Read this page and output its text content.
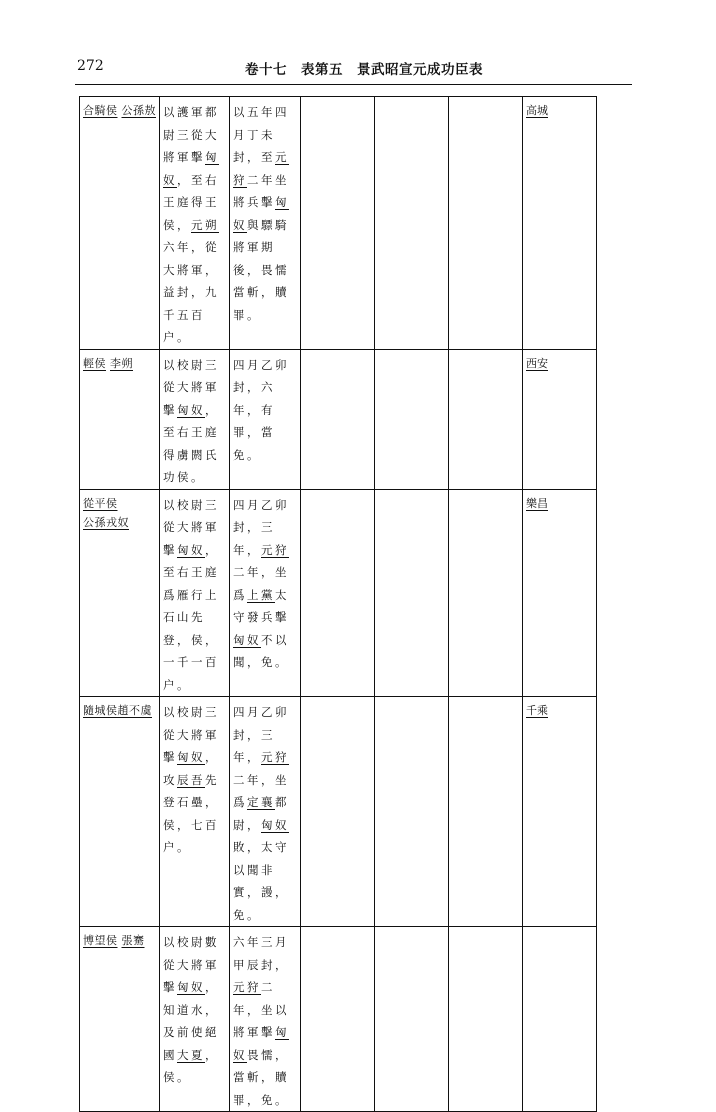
272	卷十七　表第五　景武昭宣元成功臣表
合騎侯 公孫敖	以護軍都尉三從大將軍擊匈奴，至右王庭得王侯，元朔六年，從大將軍，益封，九千五百户。	以五年四月丁未封，至元狩二年坐將兵擊匈奴與驃騎將軍期後，畏懦當斬，贖罪。				高城

輕侯 李朔	以校尉三從大將軍擊匈奴，至右王庭得虜閼氏功侯。	四月乙卯封，六年，有罪，當免。				西安

從平侯
公孫戎奴	以校尉三從大將軍擊匈奴，至右王庭爲雁行上石山先登，侯，一千一百户。	四月乙卯封，三年，元狩二年，坐爲上黨太守發兵擊匈奴不以聞，免。				樂昌

隨城侯趙不虞	以校尉三從大將軍擊匈奴，攻辰吾先登石壘，侯，七百户。	四月乙卯封，三年，元狩二年，坐爲定襄都尉，匈奴敗，太守以聞非實，謾，免。				千乘

博望侯 張騫	以校尉數從大將軍擊匈奴，知道水，及前使絕國大夏，侯。	六年三月甲辰封，元狩二年，坐以將軍擊匈奴畏懦，當斬，贖罪，免。				
